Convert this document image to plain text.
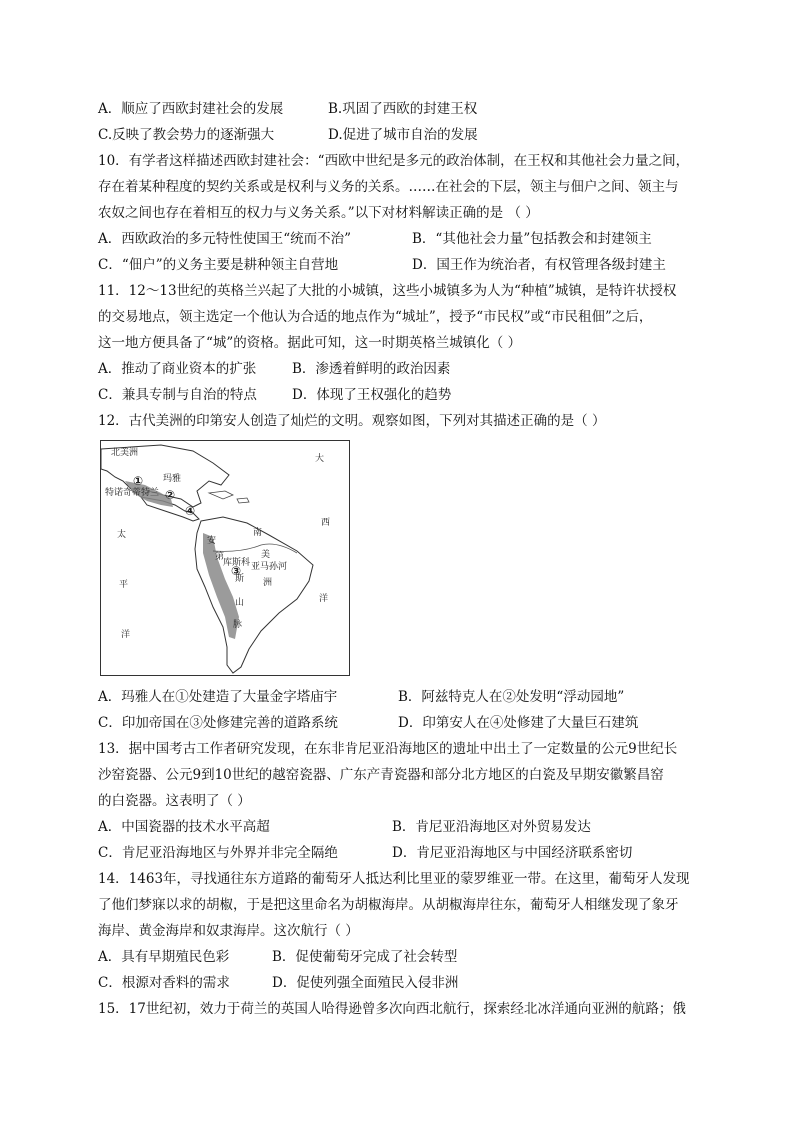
A．顺应了西欧封建社会的发展	B.巩固了西欧的封建王权
C.反映了教会势力的逐渐强大	D.促进了城市自治的发展
10．有学者这样描述西欧封建社会：“西欧中世纪是多元的政治体制，在王权和其他社会力量之间，
存在着某种程度的契约关系或是权利与义务的关系。……在社会的下层，领主与佃户之间、领主与
农奴之间也存在着相互的权力与义务关系。”以下对材料解读正确的是 （ ）
A．西欧政治的多元特性使国王“统而不治”	B．“其他社会力量”包括教会和封建领主
C．“佃户”的义务主要是耕种领主自营地	D．国王作为统治者，有权管理各级封建主
11．12～13世纪的英格兰兴起了大批的小城镇，这些小城镇多为人为“种植”城镇，是特许状授权
的交易地点，领主选定一个他认为合适的地点作为“城址”，授予“市民权”或“市民租佃”之后，
这一地方便具备了“城”的资格。据此可知，这一时期英格兰城镇化（ ）
A．推动了商业资本的扩张	B．渗透着鲜明的政治因素
C．兼具专制与自治的特点	D．体现了王权强化的趋势
12．古代美洲的印第安人创造了灿烂的文明。观察如图，下列对其描述正确的是（ ）
北美洲
玛雅
特诺奇蒂特兰
亚马孙河
库斯科
大
西
洋
太
平
洋
南
美
洲
安
第
斯
山
脉
①
②
④
③
A．玛雅人在①处建造了大量金字塔庙宇	B．阿兹特克人在②处发明“浮动园地”
C．印加帝国在③处修建完善的道路系统	D．印第安人在④处修建了大量巨石建筑
13．据中国考古工作者研究发现，在东非肯尼亚沿海地区的遗址中出土了一定数量的公元9世纪长
沙窑瓷器、公元9到10世纪的越窑瓷器、广东产青瓷器和部分北方地区的白瓷及早期安徽繁昌窑
的白瓷器。这表明了（ ）
A．中国瓷器的技术水平高超	B．肯尼亚沿海地区对外贸易发达
C．肯尼亚沿海地区与外界并非完全隔绝	D．肯尼亚沿海地区与中国经济联系密切
14．1463年，寻找通往东方道路的葡萄牙人抵达利比里亚的蒙罗维亚一带。在这里，葡萄牙人发现
了他们梦寐以求的胡椒，于是把这里命名为胡椒海岸。从胡椒海岸往东，葡萄牙人相继发现了象牙
海岸、黄金海岸和奴隶海岸。这次航行（ ）
A．具有早期殖民色彩	B．促使葡萄牙完成了社会转型
C．根源对香料的需求	D．促使列强全面殖民入侵非洲
15．17世纪初，效力于荷兰的英国人哈得逊曾多次向西北航行，探索经北冰洋通向亚洲的航路；俄
